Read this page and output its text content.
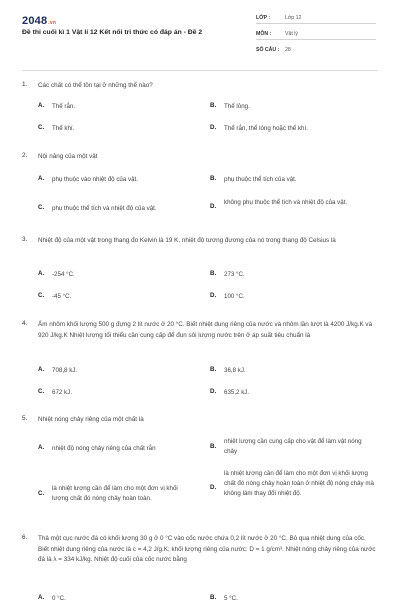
2048.vn
Đề thi cuối kì 1 Vật lí 12 Kết nối tri thức có đáp án - Đề 2
LỚP :	Lớp 12
MÔN :	Vật lý
SỐ CÂU : 28
1. Các chất có thể tồn tại ở những thể nào?
A. Thể rắn.	B. Thể lỏng.
C. Thể khí.	D. Thể rắn, thể lỏng hoặc thể khí.
2. Nội năng của một vật
A. phụ thuộc vào nhiệt độ của vật.	B. phụ thuộc thể tích của vật.
C. phụ thuộc thể tích và nhiệt độ của vật.	D.
không phụ thuộc thể tích và nhiệt độ của vật.
3. Nhiệt độ của một vật trong thang đo Kelvin là 19 K, nhiệt độ tương đương của nó trong thang độ Celsius là
A. -254 °C.	B. 273 °C.
C. -45 °C.	D. 100 °C.
4. Ấm nhôm khối lượng 500 g đựng 2 lít nước ở 20 °C. Biết nhiệt dung riêng của nước và nhôm lần lượt là 4200 J/kg.K và 920 J/kg.K Nhiệt lượng tối thiểu cần cung cấp để đun sôi lượng nước trên ở áp suất tiêu chuẩn là
A. 708,8 kJ.	B. 36,8 kJ.
C. 672 kJ.	D. 635,2 kJ.
5. Nhiệt nóng chảy riêng của một chất là
A. nhiệt độ nóng chảy riêng của chất rắn	B.
nhiệt lượng cần cung cấp cho vật để làm vật nóng chảy
C.
là nhiệt lượng cần để làm cho một đơn vị khối lượng chất đó nóng chảy hoàn toàn.
D.
là nhiệt lượng cần để làm cho một đơn vị khối lượng chất đó nóng chảy hoàn toàn ở nhiệt độ nóng chảy mà không làm thay đổi nhiệt độ.
6. Thả một cục nước đá có khối lượng 30 g ở 0 °C vào cốc nước chứa 0,2 lít nước ở 20 °C. Bỏ qua nhiệt dung của cốc. Biết nhiệt dung riêng của nước là c = 4,2 J/g.K; khối lượng riêng của nước: D = 1 g/cm³. Nhiệt nóng chảy riêng của nước đá là λ = 334 kJ/kg. Nhiệt độ cuối của cốc nước bằng
A. 0 °C.	B. 5 °C.
